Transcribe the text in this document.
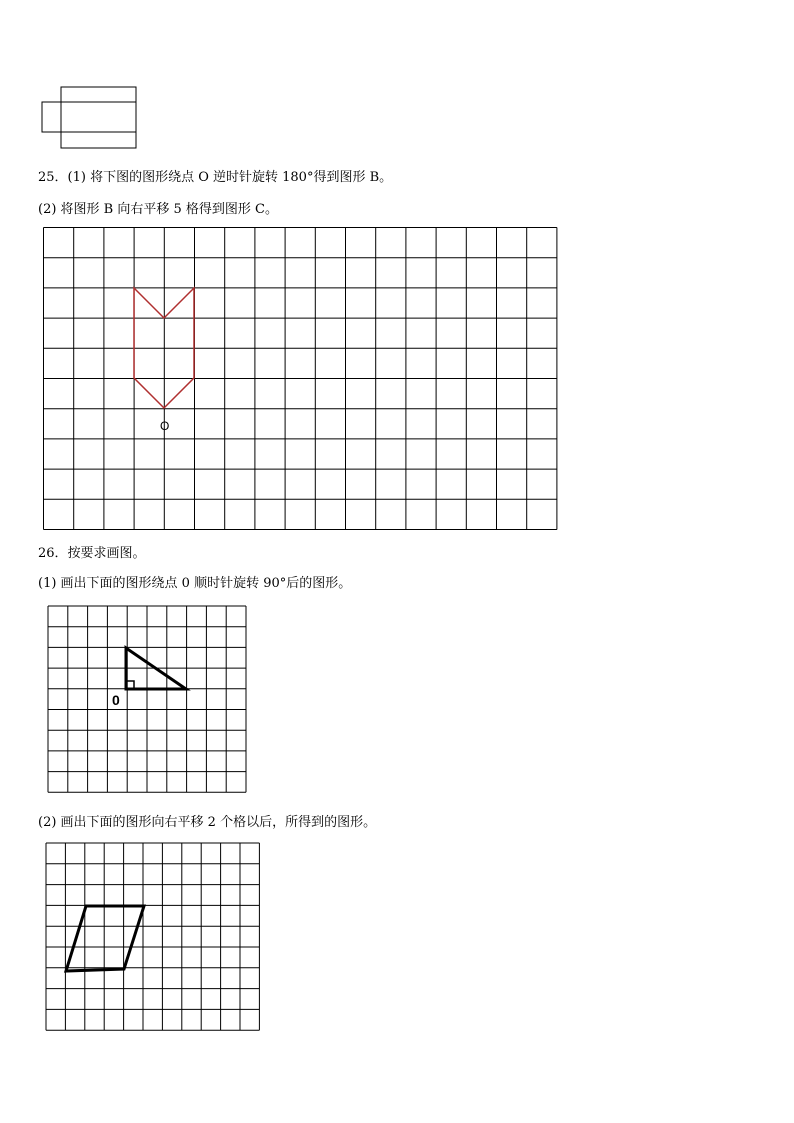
25．(1) 将下图的图形绕点 O 逆时针旋转 180°得到图形 B。
(2) 将图形 B 向右平移 5 格得到图形 C。
O
26．按要求画图。
(1) 画出下面的图形绕点 0 顺时针旋转 90°后的图形。
0
(2) 画出下面的图形向右平移 2 个格以后，所得到的图形。
